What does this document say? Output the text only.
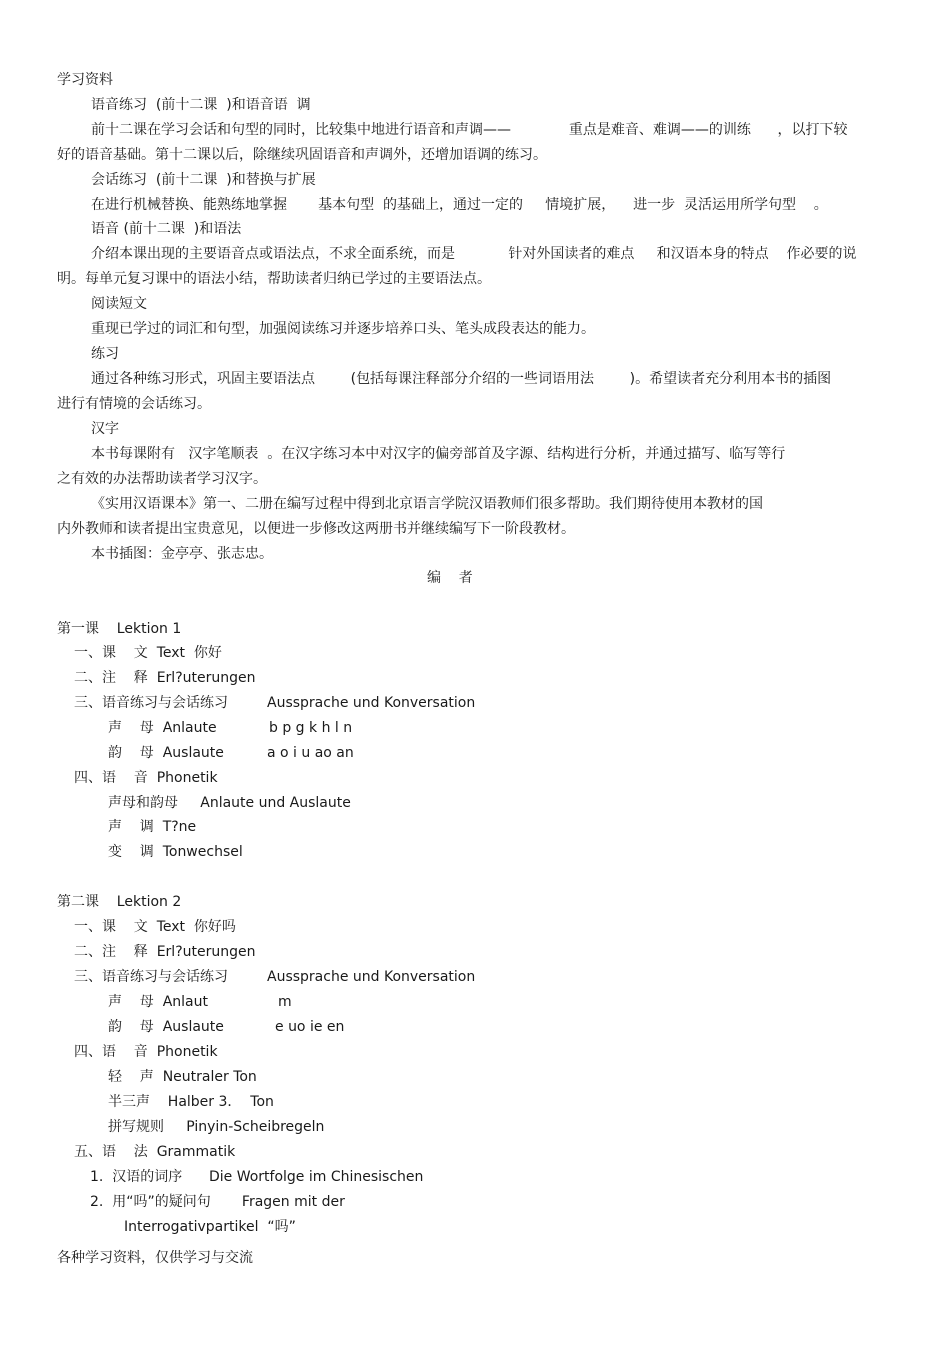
学习资料
语音练习  (前十二课  )和语音语  调
前十二课在学习会话和句型的同时，比较集中地进行语音和声调——             重点是难音、难调——的训练      ，以打下较
好的语音基础。第十二课以后，除继续巩固语音和声调外，还增加语调的练习。
会话练习  (前十二课  )和替换与扩展
在进行机械替换、能熟练地掌握       基本句型  的基础上，通过一定的     情境扩展，    进一步  灵活运用所学句型    。
语音 (前十二课  )和语法
介绍本课出现的主要语音点或语法点，不求全面系统，而是            针对外国读者的难点     和汉语本身的特点    作必要的说
明。每单元复习课中的语法小结，帮助读者归纳已学过的主要语法点。
阅读短文
重现已学过的词汇和句型，加强阅读练习并逐步培养口头、笔头成段表达的能力。
练习
通过各种练习形式，巩固主要语法点        (包括每课注释部分介绍的一些词语用法        )。希望读者充分利用本书的插图
进行有情境的会话练习。
汉字
本书每课附有   汉字笔顺表  。在汉字练习本中对汉字的偏旁部首及字源、结构进行分析，并通过描写、临写等行
之有效的办法帮助读者学习汉字。
《实用汉语课本》第一、二册在编写过程中得到北京语言学院汉语教师们很多帮助。我们期待使用本教材的国
内外教师和读者提出宝贵意见，以便进一步修改这两册书并继续编写下一阶段教材。
本书插图：金亭亭、张志忠。
编    者
第一课    Lektion 1
一、课    文  Text  你好
二、注    释  Erl?uterungen
三、语音练习与会话练习	Aussprache und Konversation
声    母  Anlaute	b p g k h l n
韵    母  Auslaute	a o i u ao an
四、语    音  Phonetik
声母和韵母     Anlaute und Auslaute
声    调  T?ne
变    调  Tonwechsel
第二课    Lektion 2
一、课    文  Text  你好吗
二、注    释  Erl?uterungen
三、语音练习与会话练习	Aussprache und Konversation
声    母  Anlaut	m
韵    母  Auslaute	e uo ie en
四、语    音  Phonetik
轻    声  Neutraler Ton
半三声    Halber 3．  Ton
拼写规则     Pinyin-Scheibregeln
五、语    法  Grammatik
1.  汉语的词序      Die Wortfolge im Chinesischen
2.  用“吗”的疑问句       Fragen mit der
Interrogativpartikel  “吗”
各种学习资料，仅供学习与交流
